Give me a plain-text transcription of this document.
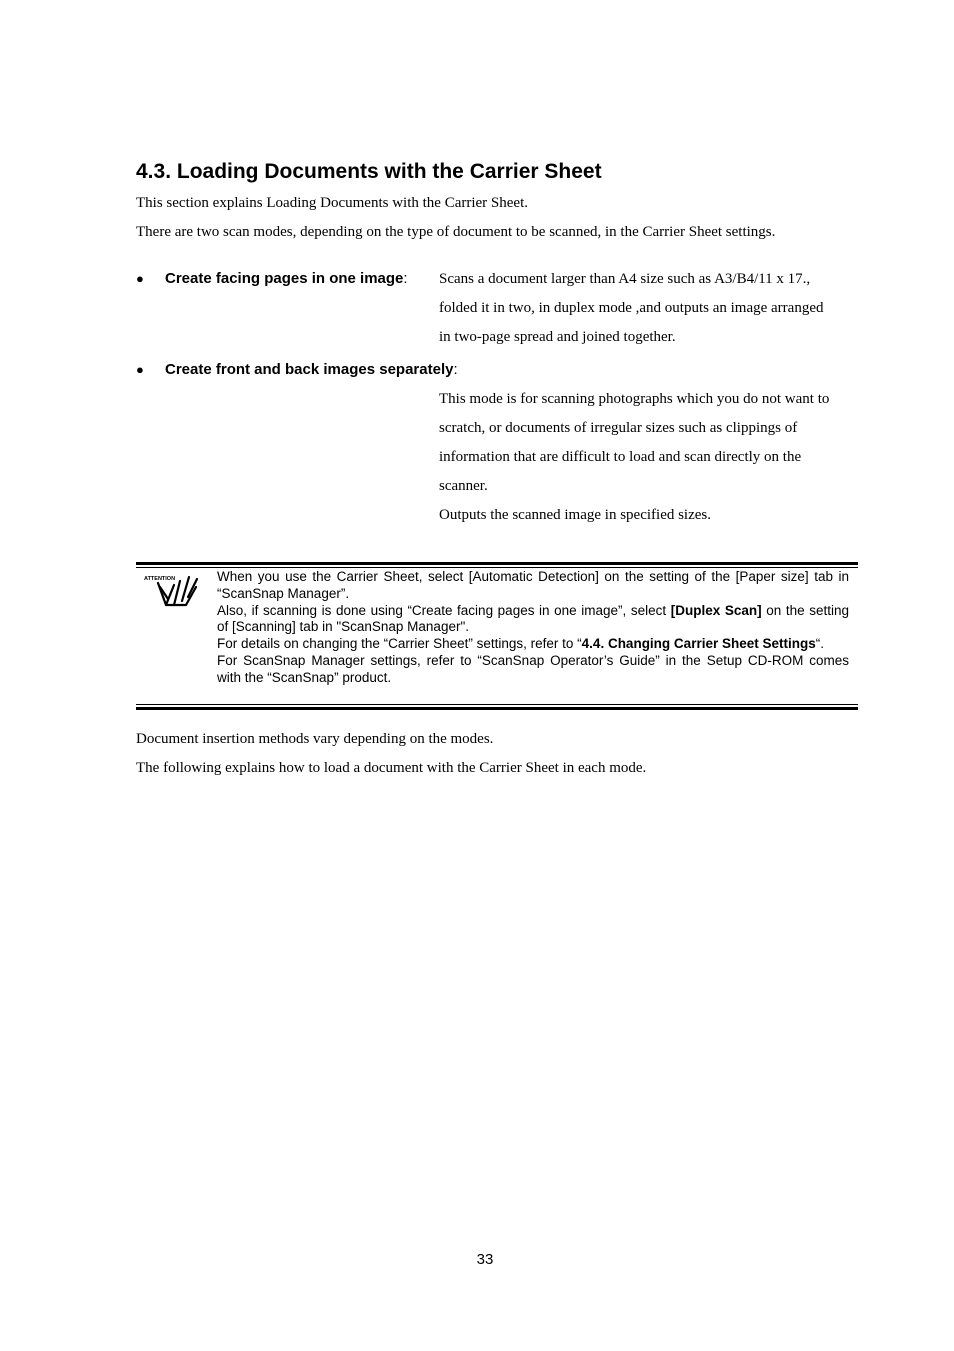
4.3. Loading Documents with the Carrier Sheet

This section explains Loading Documents with the Carrier Sheet.

There are two scan modes, depending on the type of document to be scanned, in the Carrier Sheet settings.

● Create facing pages in one image: Scans a document larger than A4 size such as A3/B4/11 x 17.,
folded it in two, in duplex mode ,and outputs an image arranged
in two-page spread and joined together.
● Create front and back images separately:
This mode is for scanning photographs which you do not want to
scratch, or documents of irregular sizes such as clippings of
information that are difficult to load and scan directly on the
scanner.
Outputs the scanned image in specified sizes.
ATTENTION	When you use the Carrier Sheet, select [Automatic Detection] on the setting of the [Paper size] tab in “ScanSnap Manager”.

Also, if scanning is done using “Create facing pages in one image”, select [Duplex Scan] on the setting of [Scanning] tab in "ScanSnap Manager".

For details on changing the “Carrier Sheet” settings, refer to “4.4. Changing Carrier Sheet Settings“.

For ScanSnap Manager settings, refer to “ScanSnap Operator’s Guide” in the Setup CD-ROM comes with the “ScanSnap” product.

Document insertion methods vary depending on the modes.

The following explains how to load a document with the Carrier Sheet in each mode.

33
